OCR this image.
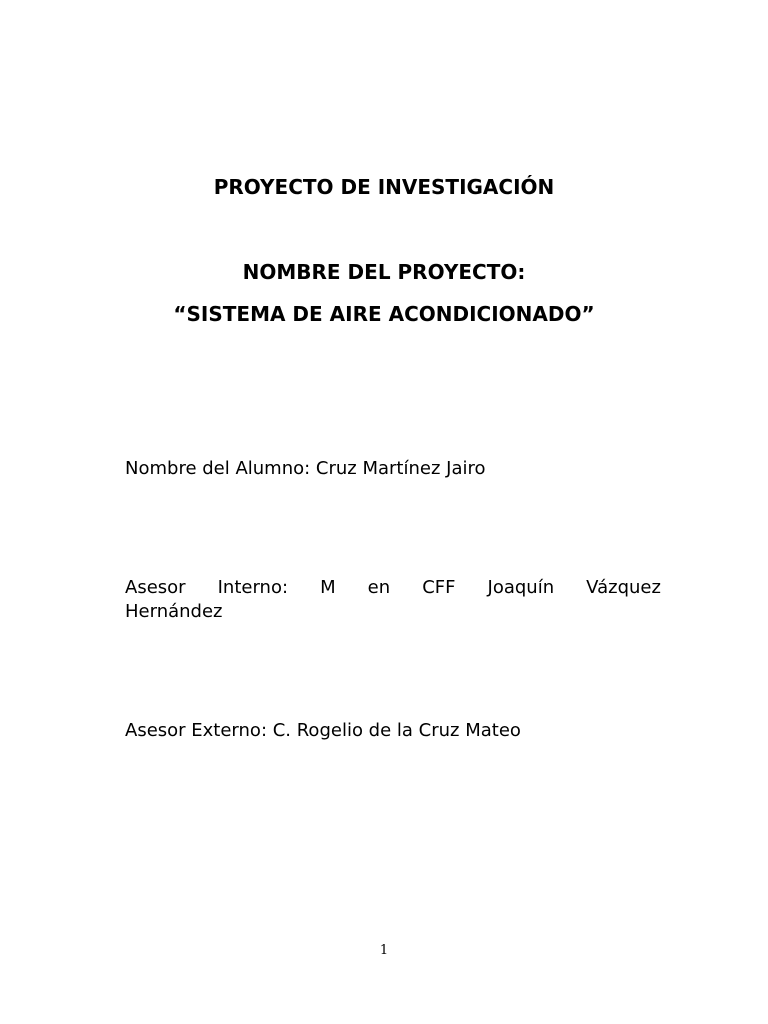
PROYECTO DE INVESTIGACIÓN
NOMBRE DEL PROYECTO:
“SISTEMA DE AIRE ACONDICIONADO”

Nombre del Alumno: Cruz Martínez Jairo

Asesor Interno: M en CFF Joaquín Vázquez
Hernández

Asesor Externo: C. Rogelio de la Cruz Mateo

1
